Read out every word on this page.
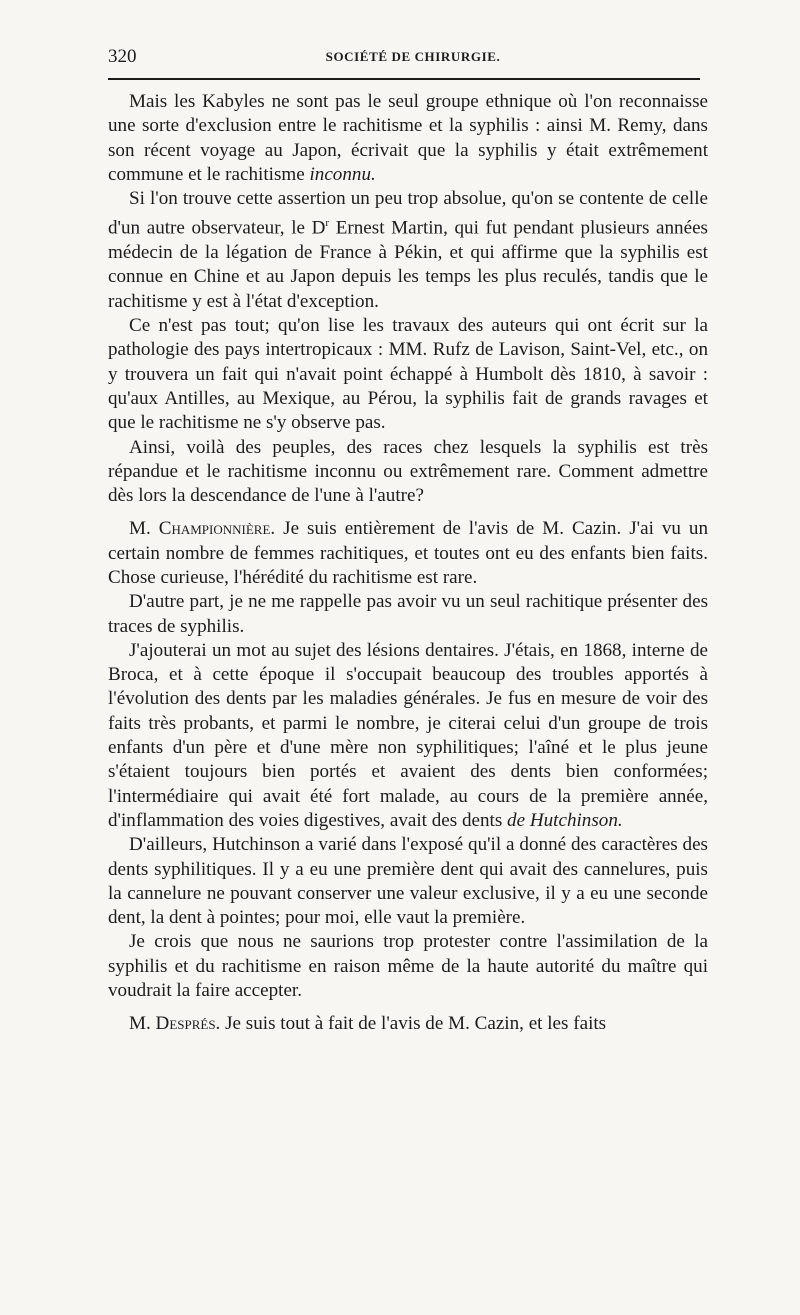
320	SOCIÉTÉ DE CHIRURGIE.

Mais les Kabyles ne sont pas le seul groupe ethnique où l'on reconnaisse une sorte d'exclusion entre le rachitisme et la syphilis : ainsi M. Remy, dans son récent voyage au Japon, écrivait que la syphilis y était extrêmement commune et le rachitisme inconnu.

Si l'on trouve cette assertion un peu trop absolue, qu'on se contente de celle d'un autre observateur, le $D^r$ Ernest Martin, qui fut pendant plusieurs années médecin de la légation de France à Pékin, et qui affirme que la syphilis est connue en Chine et au Japon depuis les temps les plus reculés, tandis que le rachitisme y est à l'état d'exception.

Ce n'est pas tout; qu'on lise les travaux des auteurs qui ont écrit sur la pathologie des pays intertropicaux : MM. Rufz de Lavison, Saint-Vel, etc., on y trouvera un fait qui n'avait point échappé à Humbolt dès 1810, à savoir : qu'aux Antilles, au Mexique, au Pérou, la syphilis fait de grands ravages et que le rachitisme ne s'y observe pas.

Ainsi, voilà des peuples, des races chez lesquels la syphilis est très répandue et le rachitisme inconnu ou extrêmement rare. Comment admettre dès lors la descendance de l'une à l'autre?

M. Championnière. Je suis entièrement de l'avis de M. Cazin. J'ai vu un certain nombre de femmes rachitiques, et toutes ont eu des enfants bien faits. Chose curieuse, l'hérédité du rachitisme est rare.

D'autre part, je ne me rappelle pas avoir vu un seul rachitique présenter des traces de syphilis.

J'ajouterai un mot au sujet des lésions dentaires. J'étais, en 1868, interne de Broca, et à cette époque il s'occupait beaucoup des troubles apportés à l'évolution des dents par les maladies générales. Je fus en mesure de voir des faits très probants, et parmi le nombre, je citerai celui d'un groupe de trois enfants d'un père et d'une mère non syphilitiques; l'aîné et le plus jeune s'étaient toujours bien portés et avaient des dents bien conformées; l'intermédiaire qui avait été fort malade, au cours de la première année, d'inflammation des voies digestives, avait des dents de Hutchinson.

D'ailleurs, Hutchinson a varié dans l'exposé qu'il a donné des caractères des dents syphilitiques. Il y a eu une première dent qui avait des cannelures, puis la cannelure ne pouvant conserver une valeur exclusive, il y a eu une seconde dent, la dent à pointes; pour moi, elle vaut la première.

Je crois que nous ne saurions trop protester contre l'assimilation de la syphilis et du rachitisme en raison même de la haute autorité du maître qui voudrait la faire accepter.

M. Després. Je suis tout à fait de l'avis de M. Cazin, et les faits
